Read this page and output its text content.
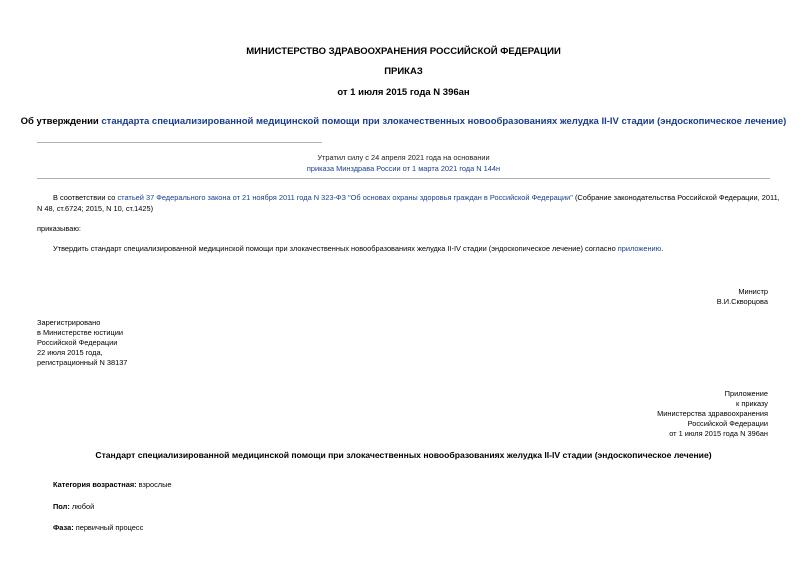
МИНИСТЕРСТВО ЗДРАВООХРАНЕНИЯ РОССИЙСКОЙ ФЕДЕРАЦИИ
ПРИКАЗ
от 1 июля 2015 года N 396ан
Об утверждении стандарта специализированной медицинской помощи при злокачественных новообразованиях желудка II-IV стадии (эндоскопическое лечение)
Утратил силу с 24 апреля 2021 года на основании
приказа Минздрава России от 1 марта 2021 года N 144н
В соответствии со статьей 37 Федерального закона от 21 ноября 2011 года N 323-ФЗ "Об основах охраны здоровья граждан в Российской Федерации" (Собрание законодательства Российской Федерации, 2011,
N 48, ст.6724; 2015, N 10, ст.1425)
приказываю:
Утвердить стандарт специализированной медицинской помощи при злокачественных новообразованиях желудка II-IV стадии (эндоскопическое лечение) согласно приложению.
Министр
В.И.Скворцова
Зарегистрировано
в Министерстве юстиции
Российской Федерации
22 июля 2015 года,
регистрационный N 38137
Приложение
к приказу
Министерства здравоохранения
Российской Федерации
от 1 июля 2015 года N 396ан
Стандарт специализированной медицинской помощи при злокачественных новообразованиях желудка II-IV стадии (эндоскопическое лечение)
Категория возрастная: взрослые
Пол: любой
Фаза: первичный процесс
